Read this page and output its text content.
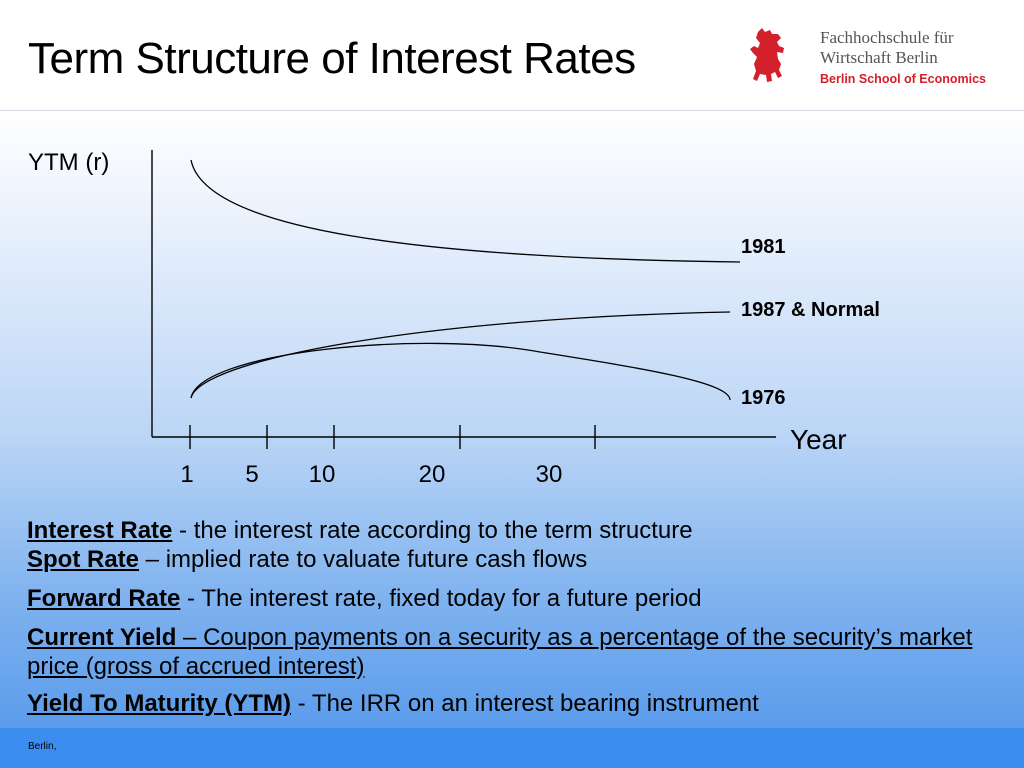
Term Structure of Interest Rates	Fachhochschule für
Wirtschaft Berlin
Berlin School of Economics
1 5 10	20	30
YTM (r)
Year
1981
1987 & Normal
1976

Interest Rate - the interest rate according to the term structure

Spot Rate – implied rate to valuate future cash flows

Forward Rate - The interest rate, fixed today for a future period

Current Yield – Coupon payments on a security as a percentage of the security’s market price (gross of accrued interest)

Yield To Maturity (YTM) - The IRR on an interest bearing instrument

Berlin,
